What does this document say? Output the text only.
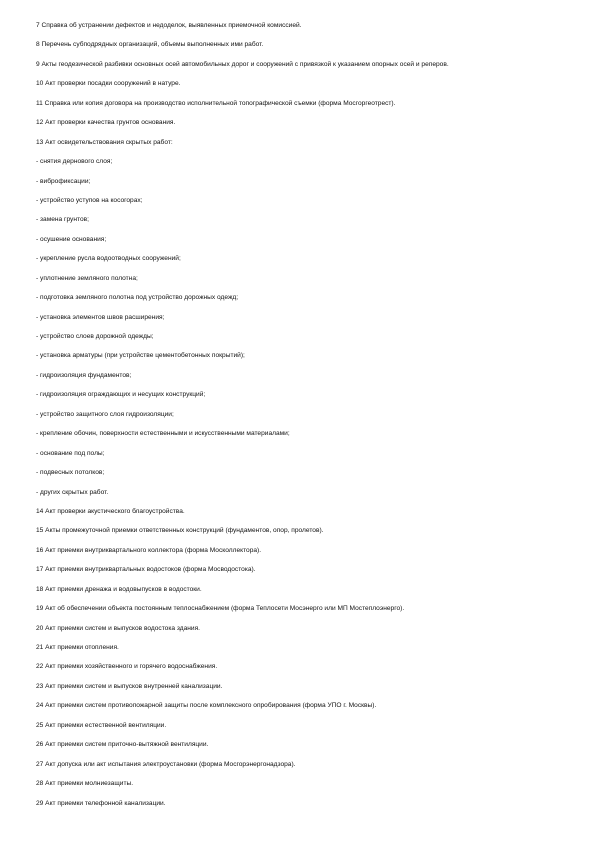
7 Справка об устранении дефектов и недоделок, выявленных приемочной комиссией.
8 Перечень субподрядных организаций, объемы выполненных ими работ.
9 Акты геодезической разбивки основных осей автомобильных дорог и сооружений с привязкой к указанием опорных осей и реперов.
10 Акт проверки посадки сооружений в натуре.
11 Справка или копия договора на производство исполнительной топографической съемки (форма Мосгоргеотрест).
12 Акт проверки качества грунтов основания.
13 Акт освидетельствования скрытых работ:
- снятия дернового слоя;
- виброфиксации;
- устройство уступов на косогорах;
- замена грунтов;
- осушение основания;
- укрепление русла водоотводных сооружений;
- уплотнение земляного полотна;
- подготовка земляного полотна под устройство дорожных одежд;
- установка элементов швов расширения;
- устройство слоев дорожной одежды;
- установка арматуры (при устройстве цементобетонных покрытий);
- гидроизоляция фундаментов;
- гидроизоляция ограждающих и несущих конструкций;
- устройство защитного слоя гидроизоляции;
- крепление обочин, поверхности естественными и искусственными материалами;
- основание под полы;
- подвесных потолков;
- других скрытых работ.
14 Акт проверки акустического благоустройства.
15 Акты промежуточной приемки ответственных конструкций (фундаментов, опор, пролетов).
16 Акт приемки внутриквартального коллектора (форма Москоллектора).
17 Акт приемки внутриквартальных водостоков (форма Мосводостока).
18 Акт приемки дренажа и водовыпусков в водостоки.
19 Акт об обеспечении объекта постоянным теплоснабжением (форма Теплосети Мосэнерго или МП Мостеплоэнерго).
20 Акт приемки систем и выпусков водостока здания.
21 Акт приемки отопления.
22 Акт приемки хозяйственного и горячего водоснабжения.
23 Акт приемки систем и выпусков внутренней канализации.
24 Акт приемки систем противопожарной защиты после комплексного опробирования (форма УПО г. Москвы).
25 Акт приемки естественной вентиляции.
26 Акт приемки систем приточно-вытяжной вентиляции.
27 Акт допуска или акт испытания электроустановки (форма Мосгорэнергонадзора).
28 Акт приемки молниезащиты.
29 Акт приемки телефонной канализации.
